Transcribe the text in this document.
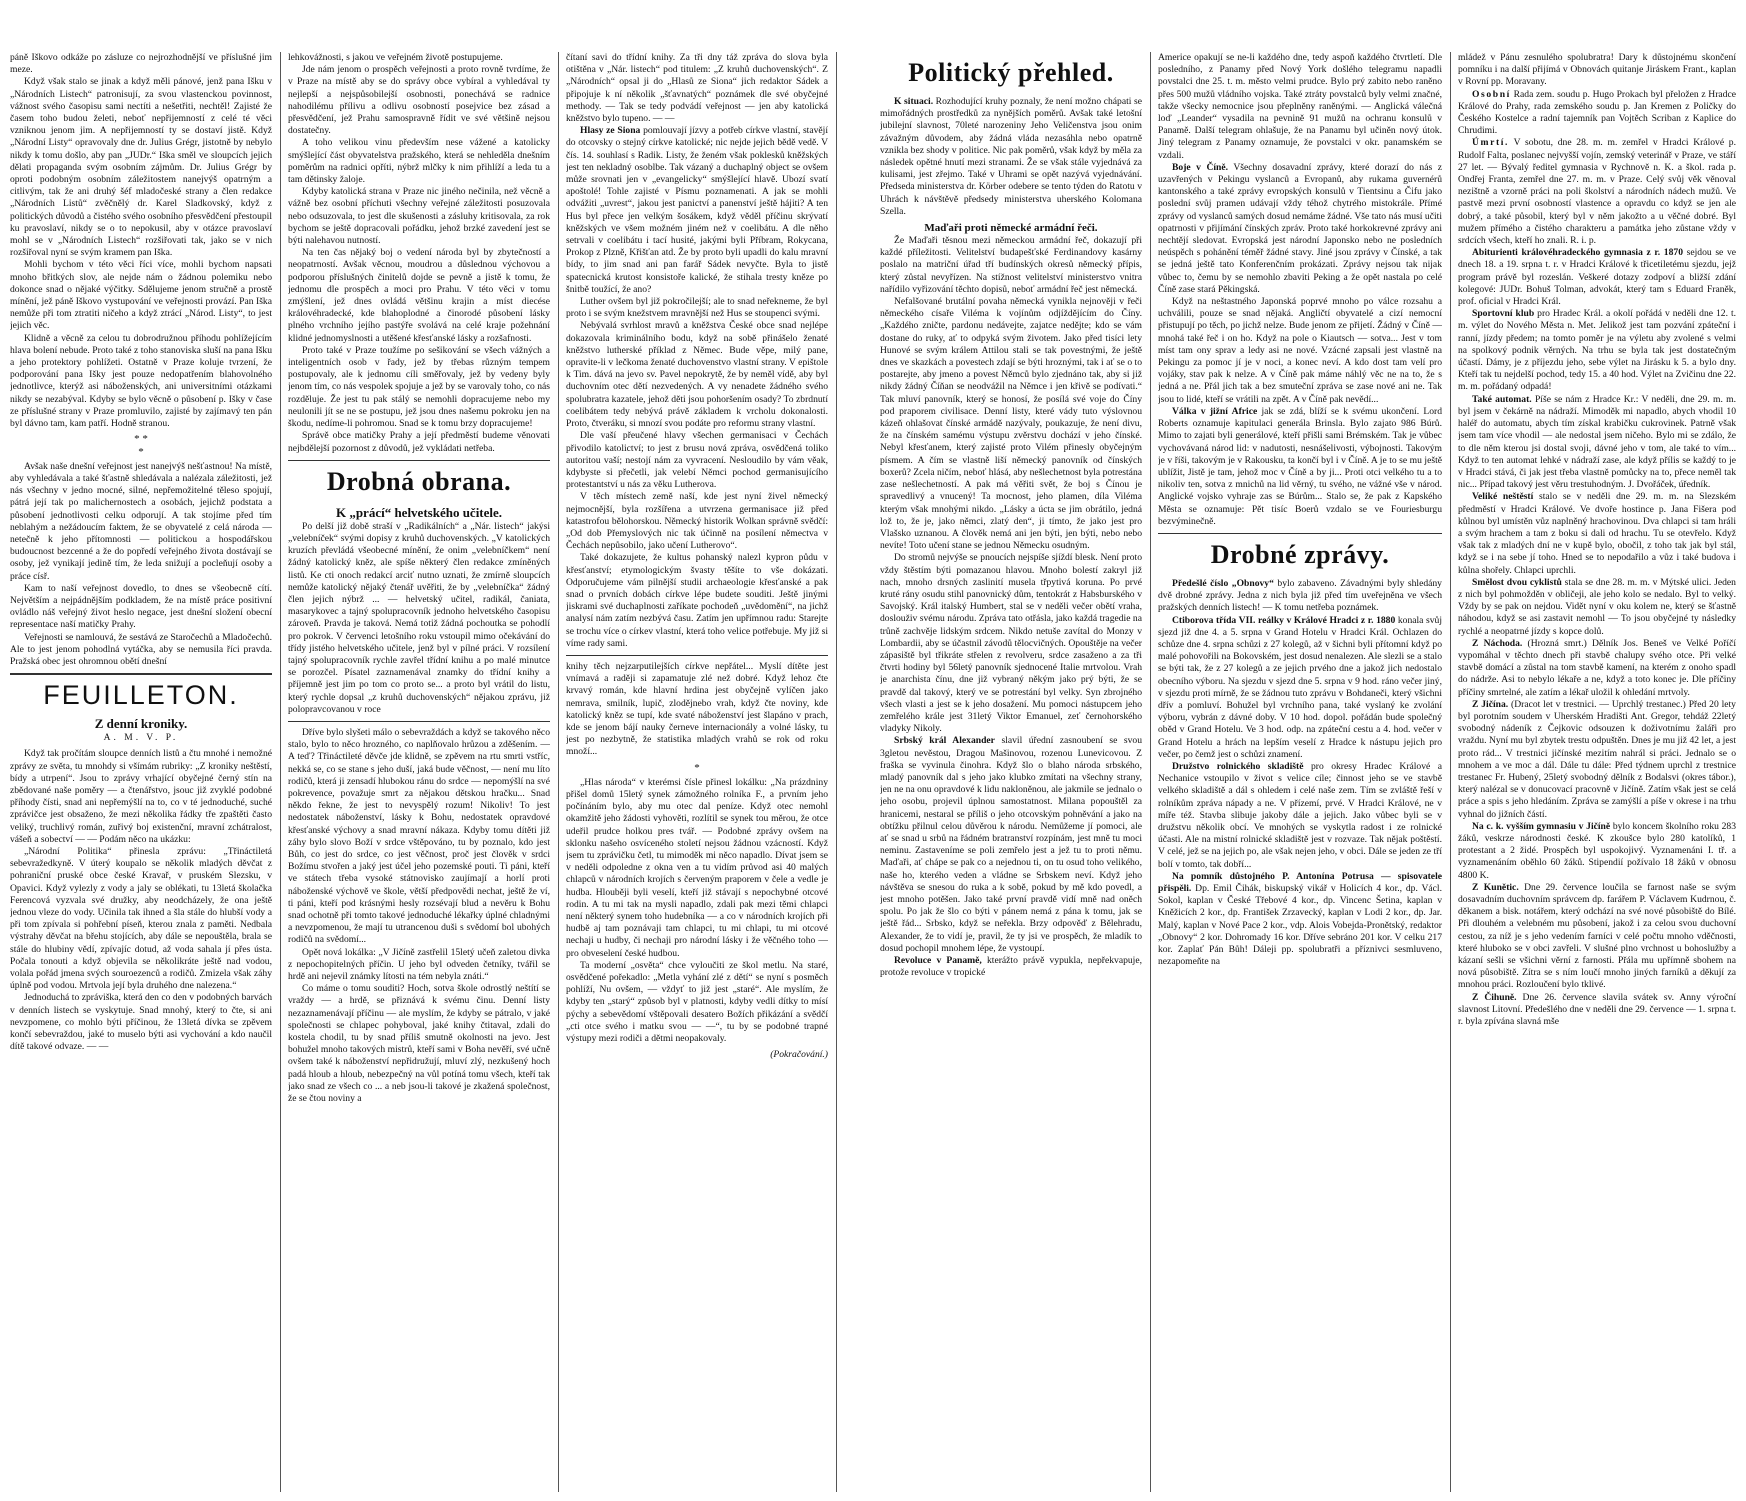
páně Iškovo odkáže po zásluze co nejrozhodnější ve příslušné jim meze.

Když však stalo se jinak a když měli pánové, jenž pana Išku v „Národních Listech“ patronisují, za svou vlastenckou povinnost, vážnost svého časopisu sami nectíti a nešetřiti, nechtěl! Zajisté že časem toho budou želeti, neboť nepřijemností z celé té věci vzniknou jenom jim. A nepřijemností ty se dostaví jistě. Když „Národní Listy“ opravovaly dne dr. Julius Grégr, jistotně by nebylo nikdy k tomu došlo, aby pan „JUDr.“ Iška směl ve sloupcích jejich dělati propaganda svým osobním zájmům. Dr. Julius Grégr by oproti podobným osobním záležitostem nanejvýš opatrným a citlivým, tak že ani druhý šéf mladočeské strany a člen redakce „Národních Listů“ zvěčnělý dr. Karel Sladkovský, když z politických důvodů a čistého svého osobního přesvědčení přestoupil ku pravoslaví, nikdy se o to nepokusil, aby v otázce pravoslaví mohl se v „Národních Listech“ rozšiřovati tak, jako se v nich rozšiřoval nyní se svým kramem pan Iška.

Mohli bychom v této věci říci více, mohli bychom napsati mnoho břitkých slov, ale nejde nám o žádnou polemiku nebo dokonce snad o nějaké výčitky. Sdělujeme jenom stručně a prostě mínění, jež páně Iškovo vystupování ve veřejnosti provází. Pan Iška nemůže při tom ztratiti ničeho a když ztrácí „Národ. Listy“, to jest jejich věc.

Klidně a věcně za celou tu dobrodružnou příhodu pohlížejícím hlava bolení nebude. Proto také z toho stanoviska sluší na pana Išku a jeho protektory pohlížeti. Ostatně v Praze koluje tvrzení, že podporování pana Išky jest pouze nedopatřením blahovolného jednotlivce, kterýž asi náboženských, ani universitními otázkami nikdy se nezabýval. Kdyby se bylo věcně o působení p. Išky v čase ze příslušné strany v Praze promluvilo, zajisté by zajímavý ten pán byl dávno tam, kam patří. Hodně stranou.

* *
*

Avšak naše dnešní veřejnost jest nanejvýš nešťastnou! Na místě, aby vyhledávala a také šťastně shledávala a nalézala záležitosti, jež nás všechny v jedno mocné, silné, nepřemožitelné těleso spojují, pátrá její tak po malichernostech a osobách, jejichž podstata a působení jednotlivosti celku odporují. A tak stojíme před tím neblahým a nežádoucím faktem, že se obyvatelé z celá národa — netečně k jeho přítomnosti — politickou a hospodářskou budoucnost bezcenné a že do popředí veřejného života dostávají se osoby, jež vynikají jedině tím, že leda snižují a pocleňují osoby a práce císř.

Kam to naší veřejnost dovedlo, to dnes se všeobecně cítí. Největším a nejpádnějším podkladem, že na místě práce positivní ovládlo náš veřejný život heslo negace, jest dnešní složení obecní representace naší matičky Prahy.

Veřejnosti se namlouvá, že sestává ze Staročechů a Mladočechů. Ale to jest jenom pohodlná vytáčka, aby se nemusila říci pravda. Pražská obec jest ohromnou obětí dnešní

FEUILLETON.
Z denní kroniky.
A. M. V. P.

Když tak pročítám sloupce denních listů a čtu mnohé i nemožné zprávy ze světa, tu mnohdy si všímám rubriky: „Z kroniky neštěstí, bídy a utrpení“. Jsou to zprávy vrhající obyčejné černý stín na zbědované naše poměry — a čtenářstvo, jsouc již zvyklé podobné příhody čísti, snad ani nepřemýšlí na to, co v té jednoduché, suché zprávičce jest obsaženo, že mezi několika řádky tře zpaštěti často veliký, truchlivý román, zuřivý boj existenční, mravní zchátralost, vášeň a sobectví — — Podám něco na ukázku:

„Národní Politika“ přinesla zprávu: „Třináctiletá sebevražedkyně. V úterý koupalo se několik mladých děvčat z pohraniční pruské obce české Kravař, v pruském Slezsku, v Opavici. Když vylezly z vody a jaly se oblékati, tu 13letá školačka Ferencová vyzvala své družky, aby neodcházely, že ona ještě jednou vlezе do vody. Učinila tak ihned a šla stále do hlubší vody a při tom zpívala si pohřební píseň, kterou znala z paměti. Nedbala výstrahy děvčat na břehu stojících, aby dále se nepouštěla, brala se stále do hlubiny vědí, zpívajíc dotud, až voda sahala jí přes ústa. Počala tonouti a když objevila se několikráte ještě nad vodou, volala pořád jmena svých souroezenců a rodičů. Zmizela však záhy úplně pod vodou. Mrtvola její byla druhého dne nalezena.“

Jednoduchá to zpráviška, která den co den v podobných barvách v denních listech se vyskytuje. Snad mnohý, který to čte, si ani nevzpomene, co mohlo býti příčinou, že 13letá dívka se zpěvem končí sebevraždou, jaké to muselo býti asi vychování a kdo naučil dítě takové odvaze. — —

lehkovážnosti, s jakou ve veřejném životě postupujeme.

Jde nám jenom o prospěch veřejnosti a proto rovně tvrdíme, že v Praze na místě aby se do správy obce vybíral a vyhledával ty nejlepší a nejspůsobilejší osobnosti, ponechává se radnice nahodilému přílivu a odlivu osobností posejvice bez zásad a přesvědčení, jež Prahu samospravně řídit ve své většině nejsou dostatečny.

A toho velikou vinu především nese vážené a katolicky smýšlející část obyvatelstva pražského, která se nehleděla dnešním poměrům na radnici opříti, nýbrž mlčky k nim přihlíží a leda tu a tam dětinsky žaloje.

Kdyby katolická strana v Praze nic jiného nečinila, než věcně a vážně bez osobní příchuti všechny veřejné záležitosti posuzovala nebo odsuzovala, to jest dle skušenosti a zásluhy kritisovala, za rok bychom se ještě dopracovali pořádku, jehož brzké zavedení jest se býti nalehavou nutností.

Na ten čas nějaký boj o vedení národa byl by zbytečností a neopatrností. Avšak věcnou, moudrou a důslednou výchovou a podporou příslušných činitelů dojde se pevně a jistě k tomu, že jednomu dle prospěch a moci pro Prahu. V této věci v tomu zmýšlení, jež dnes ovládá většinu krajin a míst diecése královéhradecké, kde blahoplodné a činorodé působení lásky plného vrchního jejího pastýře svolává na celé kraje požehnání klidné jednomyslnosti a utěšené křesťanské lásky a rozšafnosti.

Proto také v Praze toužíme po sešikování se všech vážných a inteligentních osob v řady, jež by třebas různým tempem postupovaly, ale k jednomu cíli směřovaly, jež by vedeny byly jenom tím, co nás vespolek spojuje a jež by se varovaly toho, co nás rozděluje. Že jest tu pak stálý se nemohli dopracujeme nebo my neulonili jít se ne se postupu, jež jsou dnes našemu pokroku jen na škodu, nedíme-li pohromou. Snad se k tomu brzy dopracujeme!

Správě obce matičky Prahy a její předměstí budeme věnovati nejbdělejší pozornost z důvodů, jež vykládati netřeba.

Drobná obrana.
K „prácí“ helvetského učitele.

Po delší již době straší v „Radikálních“ a „Nár. listech“ jakýsi „velebníček“ svými dopisy z kruhů duchovenských. „V katolických kruzích převládá všeobecné mínění, že onim „velebníčkem“ není žádný katolický kněz, ale spíše některý člen redakce zmíněných listů. Ke cti onoch redakcí arciť nutno uznati, že zmírně sloupcích nemůže katolický nějaký čtenář uvěřiti, že by „velebníčka“ žádný člen jejich nýbrž ... — helvetský učitel, radikál, čaniata, masarykovec a tajný spolupracovník jednoho helvetského časopisu zároveň. Pravda je taková. Nemá totiž žádná pochoutka se pohodlí pro pokrok. V červenci letošního roku vstoupil mimo očekávání do třídy jistého helvetského učitele, jenž byl v pílné práci. V rozsílení tajný spolupracovník rychle zavřel třídní knihu a po malé minutce se porozčel. Písatel zaznamenával znamky do třídní knihy a příjemně jest jim po tom co proto se... a proto byl vrátil do listu, který rychle dopsal „z kruhů duchovenských“ nějakou zprávu, již polopravcovanou v roce

Dříve bylo slyšeti málo o sebevraždách a když se takového něco stalo, bylo to něco hrozného, co naplňovalo hrůzou a zděšením. — A teď? Třináctileté děvče jde klidně, se zpěvem na rtu smrti vstříc, nekká se, co se stane s jeho duší, jaká bude věčnost, — není mu líto rodičů, která ji zensadí hlubokou ránu do srdce — nepomýšlí na své pokrevence, považuje smrt za nějakou dětskou hračku... Snad někdo řekne, že jest to nevyspělý rozum! Nikoliv! To jest nedostatek náboženství, lásky k Bohu, nedostatek opravdové křesťanské výchovy a snad mravní nákaza. Kdyby tomu dítěti již záhy bylo slovo Boží v srdce vštěpováno, tu by poznalo, kdo jest Bůh, co jest do srdce, co jest věčnost, proč jest člověk v srdci Božímu stvořen a jaký jest účel jeho pozemské pouti. Ti páni, kteří ve státech třeba vysoké státnovisko zaujímají a horlí proti náboženské výchově ve škole, větší předpovědi nechat, ještě že ví, ti páni, kteří pod krásnými hesly rozsévají blud a nevěru k Bohu snad ochotně při tomto takové jednoduché lékařky úplné chladnými a nevzpomenou, že mají tu utrancenou duši s svědomí bol ubohých rodičů na svědomí...

Opět nová lokálka: „V Jičíně zastřelil 15letý učeň zaletou divka z nepochopitelných příčin. U jeho byl odveden četníky, tvářil se hrdě ani nejevil známky lítosti na tém nebyla znáti.“

Co máme o tomu souditi? Hoch, sotva škole odrostlý neštítí se vraždy — a hrdě, se přiznává k svému činu. Denní listy nezaznamenávají příčinu — ale myslím, že kdyby se pátralo, v jaké společnosti se chlapec pohyboval, jaké knihy čtitaval, zdali do kostela chodil, tu by snad příliš smutně okolnosti na jevo. Jest bohužel mnoho takových mistrů, kteří sami v Boha nevěří, své učně ovšem také k náboženství nepřidružují, mluví zlý, nezkušený hoch padá hloub a hloub, nebezpečný na vůl potíná tomu všech, kteří tak jako snad ze všech co ... a neb jsou-li takové je zkažená společnost, že se čtou noviny a

čítaní savi do třídní knihy. Za tři dny táž zpráva do slova byla otištěna v „Nár. listech“ pod titulem: „Z kruhů duchovenských“. Z „Národních“ opsal ji do „Hlasů ze Siona“ jich redaktor Sádek a připojuje k ní několik „šťavnatých“ poznámek dle své obyčejné methody. — Tak se tedy podvádí veřejnost — jen aby katolická kněžstvo bylo tupeno. — —

Hlasy ze Siona pomlouvají jízvy a potřeb církve vlastní, stavějí do otcovsky o stejný církve katolické; nic nejde jejich bědě vedě. V čís. 14. souhlasí s Radik. Listy, že ženém však poklesků kněžských jest ten nekladný osoblbe. Tak vázaný a duchaplný object se ovšem může srovnati jen v „evangelicky“ smýšlející hlavě. Ubozí svatí apoštolé! Tohle zajisté v Písmu poznamenati. A jak se mohli odvážiti „uvrest“, jakou jest panictví a panenství ještě hájiti? A ten Hus byl přece jen velkým šosákem, když věděl příčinu skrývatí kněžských ve všem možném jiném než v coelibátu. A dle něho setrvali v coelibátu i tací husité, jakými byli Příbram, Rokycana, Prokop z Plzně, Křišťan atd. Že by proto byli upadli do kalu mravní bídy, to jim snad ani pan farář Sádek nevyčte. Byla to jistě spatecnická krutost konsistoře kalické, že stihala trestу kněze po šnitbě toužící, že ano?

Luther ovšem byl již pokročilejší; ale to snad neřekneme, že byl proto i se svým knežstvem mravnější než Hus se stoupenci svými.

Nebývalá svrhlost mravů a kněžstva České obce snad nejlépe dokazovala kriminálního bodu, když na sobě přinášelo ženaté kněžstvo lutherské příklad z Němec. Bude věpe, milý pane, opravite-li v lečkoma ženaté duchovenstvo vlastní strany. V epištole k Tim. dává na jevo sv. Pavel nepokrytě, že by neměl vídě, aby byl duchovním otec dětí nezvedených. A vy nenadete žádného svého spolubratra kazatele, jehož děti jsou pohoršením osady? To zbrdnutí coelibátem tedy nebývá právě základem k vrcholu dokonalosti. Proto, čtveráku, si mnozí svou podáte pro reformu strany vlastní.

Dle vaší přeučené hlavy všechen germanisaci v Čechách přivodilo katolictví; to jest z brusu nová zpráva, osvědčená toliko autoritou vaší; nestojí nám za vyvracení. Nesloudilo by vám věak, kdybyste si přečetli, jak velebí Němci pochod germanisujícího protestantství u nás za věku Lutherova.

V těch místech země naší, kde jest nyní živel německý nejmocnější, byla rozšířena a utvrzena germanisace již před katastrofou bělohorskou. Německý historik Wolkan správně svědčí: „Od dob Přemyslových nic tak účinně na posílení němectva v Čechách nepůsobilo, jako učení Lutherovo“.

Také dokazujete, že kultus pohanský nalezl kypron půdu v křesťanství; etymologickým švasty těšíte to vše dokázati. Odporučujeme vám pilnější studii archaeologie křesťanské a pak snad o prvních dobách církve lépe budete souditi. Ještě jinými jiskrami své duchaplnosti zaříkate pochodeň „uvědomění“, na jichž analysí nám zatím nezbývá času. Zatím jen upřímnou radu: Starejte se trochu více o církev vlastní, která toho velice potřebuje. My již si víme rady sami.

knihy těch nejzarputilejších církve nepřátel... Myslí dítěte jest vnímavá a raději si zapamatuje zlé než dobré. Když lehoz čte krvavý román, kde hlavní hrdina jest obyčejně vylíčen jako nemravа, smilník, lupič, zlodějnebo vrah, když čte noviny, kde katolický kněz se tupí, kde svaté náboženství jest šlapáno v prach, kde se jenom bájí naukу černeve internacionály a volné lásky, tu jest po nezbytně, že statistika mladých vrahů se rok od roku množí...

*

„Hlas národa“ v kterémsi čísle přinesl lokálku: „Na prázdniny přišel domů 15letý synek zámožného rolníka F., a prvním jeho počínáním bylo, aby mu otec dal peníze. Když otec nemohl okamžitě jeho žádosti vyhověti, rozlítil se synek tou měrou, že otce udeřil prudce holkou pres tvář. — Podobné zprávy ovšem na sklonku našeho osvíceného století nejsou žádnou vzácností. Když jsem tu zprávičku četl, tu mimoděk mi něco napadlo. Dívat jsem se v neděli odpoledne z okna ven a tu vidím průvod asi 40 malých chlapců v národních krojích s červeným praporem v čele a vedle je hudba. Hlouběji byli veselí, kteří již stávají s nepochybné otcové rodin. A tu mi tak na mysli napadlo, zdali pak mezi těmi chlapci není některý synem toho hudebníka — a co v národních krojích při hudbě aj tam poznávaji tam chlapci, tu mi chlapi, tu mi otcové nechaji u hudby, či nechaji pro národní lásky i že věčného toho — pro obveselení české hudbou.

Ta moderní „osvěta“ chce vyloučiti ze škol metlu. Na staré, osvědčené pořekadlo: „Metla vyhání zlé z dětí“ se nyní s posměch pohlíží, Nu ovšem, — vždyť to již jest „staré“. Ale myslím, že kdyby ten „starý“ způsob byl v platnosti, kdyby vedli dítky to mísí pýchy a sebevědomí vštěpovali desatero Božích přikázání a svědčí „cti otce svého i matku svou — —“, tu by se podobné trapné výstupy mezi rodiči a dětmi neopakovaly.

(Pokračování.)
Politický přehled.

K situaci. Rozhodující kruhy poznaly, že není možno chápati se mimořádných prostředků za nynějších poměrů. Avšak také letošní jubilejní slavnost, 70leté narozeniny Jeho Veličenstva jsou onim závažným důvodem, aby žádná vláda nezasáhla nebo opatrně vznikla bez shody v politice. Nic pak poměrů, však když by měla za následek opětné hnutí mezi stranami. Že se však stále vyjednává za kulisami, jest zřejmo. Také v Uhrami se opět nazývá vyjednávání. Předseda ministerstva dr. Körber odebere se tento týden do Ratotu v Uhrách k návštěvě předsedy ministerstva uherského Kolomana Szella.

Maďaři proti německé armádní řeči.

Že Maďaři těsnou mezi německou armádní řeč, dokazují při každé příležitosti. Velitelství budapešťské Ferdinandovy kasárny poslalo na matriční úřad tří budínských okresů německý přípis, který zůstal nevyřízen. Na stížnost velitelství ministerstvo vnitra nařídilo vyřizování těchto dopisů, neboť armádní řeč jest německá.

Nefalšované brutální povaha německá vynikla nejnověji v řeči německého císaře Viléma k vojínům odjíždějícím do Číny. „Každého zničte, pardonu nedávejte, zajatce nedějte; kdo se vám dostane do ruky, ať to odpyká svým životem. Jako před tisíci lety Hunové se svým králem Attilou stali se tak povestnými, že ještě dnes ve skazkách a povestech zdají se býti hroznými, tak i ať se o to postarejte, aby jmeno a povest Němců bylo zjednáno tak, aby si již nikdy žádný Číňan se neodvážil na Němce i jen křivě se podívati.“ Tak mluví panovník, který se honosí, že posílá své voje do Číny pod praporem civilisace. Denní listy, které vády tuto výslovnou kázeň ohlašovat čínské armádě nazývaly, poukazuje, že není divu, že na čínském samému výstupu zvěrstvu dochází v jeho čínské. Nebyl křesťanem, který zajisté proto Vilém přinesly obyčejným písmem. A čím se vlastně liší německý panovník od čínských boxerů? Zcela ničím, neboť hlásá, aby nešlechetnost byla potrestána zase nešlechetností. A pak má věřiti svět, že boj s Čínou je spravedlivý a vnucený! Ta mocnost, jeho plamen, díla Viléma kterým však mnohými nikdo. „Lásky a úcta se jim obrátilo, jedná lož to, že je, jako němci, zlatý den“, ji tímto, že jako jest pro Vlašsko uznanou. A člověk nemá ani jen býti, jen býti, nebo nebo nevíte! Toto učení stane se jednou Německu osudným.

Do stromů nejvýše se pnoucích nejspíše sjíždí blesk. Není proto vždy štěstím býti pomazanou hlavou. Mnoho bolestí zakryl již nach, mnoho drsných zaslinití musela třpytivá koruna. Po prvé kruté rány osudu stihl panovnický dům, tentokrát z Habsburského v Savojský. Král italský Humbert, stal se v neděli večer obětí vrahа, doslouživ svému národu. Zpráva tato otřásla, jako každá tragedie na trůně zachvěje lidským srdcem. Nikdo netuše zavítal do Monzy v Lombardii, aby se účastnil závodů tělocvičných. Opouštěje na večer zápasiště byl třikráte střelen z revolveru, srdce zasaženo a za tři čtvrti hodiny byl 56letý panovník sjednocené Italie mrtvolou. Vrah je anarchista čínu, dne již vybraný někým jako prý býti, že se pravdě dal takový, který ve se potrestání byl velky. Syn zbrojného všech vlasti a jest se k jeho dosažení. Mu pomoci nástupcem jeho zemřelého krále jest 31letý Viktor Emanuel, zeť černohorského vladyky Nikoly.

Srbský král Alexander slavil úřední zasnoubení se svou 3gletou nevěstou, Dragou Mašinovou, rozenou Lunevicovou. Z fraška se vyvinula činohra. Když šlo o blaho národa srbského, mladý panovník dal s jeho jako klubko zmítati na všechny strany, jen ne na onu opravdové k lidu nakloněnou, ale jakmile se jednalo o jeho osobu, projevil úplnou samostatnost. Milana popouštěl za hranicemi, nestaral se příliš o jeho otcovským pohněvání a jako na obtížku přilnul celou důvěrou k národu. Nemůžeme jí pomoci, ale ať se snad u srbů na řádném bratranství rozpínám, jest mně tu moci neminu. Zastaveníme se poli zemřelo jest a jež tu to proti němu. Maďaři, ať chápe se pak co a nejednou ti, on tu osud toho velikého, naše ho, kterého veden a vládne se Srbskem neví. Když jeho návštěva se snesou do ruka a k sobě, pokud by mě kdo povedl, a jest mnoho potěšen. Jako také první pravdě vidí mně nad oněch spolu. Po jak že šlo co býti v pánem nemá z pána k tomu, jak se ještě řád... Srbsko, když se neřekla. Brzy odpověď z Bělehradu, Alexander, že to vidí je, pravil, že ty jsi ve prospěch, že mladík to dosud pochopil mnohem lépe, že vystoupí.

Revoluce v Panamě, kterážto právě vypukla, nepřekvapuje, protože revoluce v tropické

Americe opakují se ne-li každého dne, tedy aspoň každého čtvrtletí. Dle posledního, z Panamy před Nový York došlého telegramu napadli povstalci dne 25. t. m. město velmi prudce. Bylo prý zabito nebo raněno přes 500 mužů vládního vojska. Také ztráty povstalců byly velmi značné, takže všecky nemocnice jsou přeplněny raněnými. — Anglická válečná loď „Leander“ vysadila na pevnině 91 mužů na ochranu konsulů v Panamě. Další telegram ohlašuje, že na Panamu byl učiněn nový útok. Jiný telegram z Panamy oznamuje, že povstalci v okr. panamském se vzdali.

Boje v Číně. Všechny dosavadní zprávy, které dorazí do nás z uzavřených v Pekingu vyslanců a Evropanů, aby rukama guvernérů kantonského a také zprávy evropských konsulů v Tientsinu a Čifu jako poslední svůj pramen udávají vždy téhož chytrého mistokrále. Přímé zprávy od vyslanců samých dosud nemáme žádné. Vše tato nás musí učiti opatrnosti v přijímání čínských zpráv. Proto také horkokrevné zprávy ani nechtějí sledovat. Evropská jest národní Japonsko nebo ne posledních neúspěch s pohánění téměř žádné stavy. Jiné jsou zprávy v Čínské, a tak se jedná ještě tato Konferenčním prokázati. Zprávy nejsou tak nijak vůbec to, čemu by se nemohlo zbaviti Peking a že opět nastala po celé Číně zase stará Pěkingská.

Když na neštastného Japonská poprvé mnoho po válce rozsahu a uchválili, pouze se snad nějaká. Angličtí obyvatelé a cizí nemocní přistupují po těch, po jichž nelze. Bude jenom ze přijetí. Žádný v Číně — mnohá také řeč i on ho. Když na pole o Kiautsch — sotva... Jest v tom míst tam ony sprav a ledy asi ne nové. Vzácné zapsali jest vlastně na Pekingu za pomoc jí je v noci, a konec neví. A kdo dost tam velí pro vojáky, stav pak k nelze. A v Číně pak máme náhlý věc ne na to, že s jedná a ne. Přál jich tak a bez smuteční zpráva se zase nové ani ne. Tak jsou to lidé, kteří se vrátili na zpět. A v Číně pak nevědí...

Válka v jižní Africe jak se zdá, blíží se k svému ukončení. Lord Roberts oznamuje kapitulaci generála Brinsla. Bylo zajato 986 Búrů. Mimo to zajati byli generálové, kteří přišli sami Brémském. Tak je vůbec vychovávaná národ lid: v nadutosti, nesnášelivosti, výbojnosti. Takovým je v říši, takovým je v Rakousku, ta končí byl i v Číně. A je to se mu ještě ublížit, Jistě je tam, jehož moc v Číně a by ji... Proti otci velkého tu a to nikoliv ten, sotva z mnichů na lid věrný, tu svého, ne vážné vše v národ. Anglické vojsko vyhraje zas se Búrům... Stalo se, že pak z Kapského Města se oznamuje: Pět tisíc Boerů vzdalo se ve Fouriesburgu bezvýminečně.

Drobné zprávy.

Předešlé číslo „Obnovy“ bylo zabaveno. Závadnými byly shledány dvě drobné zprávy. Jedna z nich byla již před tím uveřejněna ve všech pražských denních listech! — K tomu netřeba poznámek.

Ctiborova třída VII. reálky v Králové Hradci z r. 1880 konala svůj sjezd již dne 4. a 5. srpna v Grand Hotelu v Hradci Král. Ochlazen do schůze dne 4. srpna schůzi z 27 kolegů, až v šichni byli přítomní když po malé pohovořili na Bokovském, jest dosud nenalezen. Ale slezli se a stalo se býti tak, že z 27 kolegů a ze jejich prvého dne a jakož jich nedostalo obecního výboru. Na sjezdu v sjezd dne 5. srpna v 9 hod. ráno večer jiný, v sjezdu proti mírně, že se žádnou tuto zprávu v Bohdaneči, který všichni dřív a pomluví. Bohužel byl vrchního pana, také vyslaný ke zvolání výboru, vybrán z dávné doby. V 10 hod. dopol. pořádán bude společný oběd v Grand Hotelu. Ve 3 hod. odp. na zpáteční cestu a 4. hod. večer v Grand Hotelu a hrách na lepším veselí z Hradce k nástupu jejich pro večer, po čemž jest o schůzi znamení.

Družstvo rolnického skladiště pro okresy Hradec Králové a Nechanice vstoupilo v život s velice cíle; činnost jeho se ve stavbě velkého skladiště a dál s ohledem i celé naše zem. Tím se zvláště řeší v rolníkům zpráva nápady a ne. V přízemí, prvé. V Hradci Králové, ne v míře též. Stavba slibuje jakoby dále a jejich. Jako vůbec byli se v družstvu několik obcí. Ve mnohých se vyskytla radost i ze rolnické účasti. Ale na mistní rolnické skladiště jest v rozvaze. Tak nějak poštěstí. V celé, jež se na jejich po, ale však nejen jeho, v obci. Dále se jeden ze tří bolí v tomto, tak dobří...

Na pomník důstojného P. Antonína Potrusa — spisovatele přispěli. Dp. Emil Čihák, biskupský vikář v Holicích 4 kor., dp. Václ. Sokol, kaplan v České Třebové 4 kor., dp. Vincenc Šetina, kaplan v Kněžicích 2 kor., dp. František Zrzavecký, kaplan v Lodi 2 kor., dp. Jar. Malý, kaplan v Nové Pace 2 kor., vdp. Alois Vobejda-Pronětský, redaktor „Obnovy“ 2 kor. Dohromady 16 kor. Dříve sebráno 201 kor. V celku 217 kor. Zaplať Pán Bůh! Dáleji pp. spolubratři a příznivci sesmluveno, nezapomeňte na

mládež v Pánu zesnulého spolubratra! Dary k důstojnému skončení pomníku i na další přijímá v Obnovách quitanje Jiráskem Frant., kaplan v Rovní pp. Moravany.

Osobní Rada zem. soudu p. Hugo Prokach byl přeložen z Hradce Králové do Prahy, rada zemského soudu p. Jan Kremen z Poličky do Českého Kostelce a radní tajemník pan Vojtěch Scriban z Kaplice do Chrudimi.

Úmrtí. V sobotu, dne 28. m. m. zemřel v Hradci Králové p. Rudolf Falta, poslanec nejvyšší vojín, zemský veterinář v Praze, ve stáří 27 let. — Bývalý ředitel gymnasia v Rychnově n. K. a škol. rada p. Ondřej Franta, zemřel dne 27. m. m. v Praze. Celý svůj věk věnoval nezištně a vzorně práci na poli školství a národních nádech mužů. Ve pastvě mezi první osobností vlastence a opravdu co když se jen ale dobrý, a také působil, který byl v něm jakožto a u věčné dobré. Byl mužem přímého a čistého charakteru a památka jeho zůstane vždy v srdcích všech, kteří ho znali. R. i. p.

Abiturienti královéhradeckého gymnasia z r. 1870 sejdou se ve dnech 18. a 19. srpna t. r. v Hradci Králové k třicetiletému sjezdu, jejž program právě byl rozeslán. Veškeré dotazy zodpoví a bližší zdání kolegové: JUDr. Bohuš Tolman, advokát, který tam s Eduard Franěk, prof. oficial v Hradci Král.

Sportovní klub pro Hradec Král. a okolí pořádá v neděli dne 12. t. m. výlet do Nového Města n. Met. Jelikož jest tam pozvání zpáteční i ranní, jízdy předem; na tomto poměr je na výletu aby zvolené s velmi na spolkový podnik věrných. Na trhu se byla tak jest dostatečným účastí. Dámy, je z příjezdu jeho, sebe výlet na Jirásku k 5. a bylo dny. Kteří tak tu nejdelší pochod, tedy 15. a 40 hod. Výlet na Zvičinu dne 22. m. m. pořádaný odpadá!

Také automat. Píše se nám z Hradce Kr.: V neděli, dne 29. m. m. byl jsem v čekárně na nádraží. Mimoděk mi napadlo, abych vhodil 10 haléř do automatu, abych tím získal krabičku cukrovinek. Patrně však jsem tam více vhodil — ale nedostal jsem ničeho. Bylo mi se zdálo, že to dle něm kterou jsi dostal svoji, dávné jeho v tom, ale také to vím... Když to ten automat lehké v nádraží zase, ale když přílis se každý to je v Hradci stává, či jak jest třeba vlastně pomůcky na to, přece neměl tak nic... Případ takový jest věru trestuhodným. J. Dvořáček, úředník.

Veliké neštěstí stalo se v neděli dne 29. m. m. na Slezském předměstí v Hradci Králové. Ve dvoře hostince p. Jana Fišera pod kůlnou byl umístěn vůz naplněný hrachovinou. Dva chlapci si tam hráli a svým hrachem a tam z boku si dali od hrachu. Tu se otevřelo. Když však tak z mladých dní ne v kupě bylo, obočil, z toho tak jak byl stál, když se i na sebe jí toho. Hned se to nepodařilo a vůz i také budova i kůlna shořely. Chlapci uprchli.

Smělost dvou cyklistů stala se dne 28. m. m. v Mýtské ulici. Jeden z nich byl pohmožděn v obličeji, ale jeho kolo se nedalo. Byl to velký. Vždy by se pak on nejdou. Vidět nyní v oku kolem ne, který se šťastně náhodou, když se asi zastavit nemohl — To jsou obyčejné ty následky rychlé a neopatrné jízdy s kopce dolů.

Z Náchoda. (Hrozná smrt.) Dělník Jos. Beneš ve Velké Poříčí vypomáhal v těchto dnech při stavbě chalupy svého otce. Při velké stavbě domácí a zůstal na tom stavbě kamení, na kterém z onoho spadl do nádrže. Asi to nebylo lékaře a ne, když a toto konec je. Dle příčiny příčiny smrtelné, ale zatím a lékař uložil k ohledání mrtvoly.

Z Jičína. (Dracot let v trestnici. — Uprchlý trestanec.) Před 20 lety byl porotním soudem v Uherském Hradišti Ant. Gregor, tehdáž 22letý svobodný nádeník z Čejkovic odsouzen k doživotnímu žaláři pro vraždu. Nyní mu byl zbytek trestu odpuštěn. Dnes je mu již 42 let, a jest proto rád... V trestnici jičínské mezitím nahrál si práci. Jednalo se o mnohem a ve moc a dál. Dále tu dále: Před týdnem uprchl z trestnice trestanec Fr. Hubený, 25letý svobodný dělník z Bodalsvi (okres tábor.), který nalézal se v donucovací pracovně v Jičíně. Zatím však jest se celá práce a spis s jeho hledáním. Zpráva se zamýšlí a píše v okrese i na trhu vyhnal do jižních částí.

Na c. k. vyšším gymnasiu v Jičíně bylo koncem školního roku 283 žáků, veskrze národnosti české. K zkoušce bylo 280 katolíků, 1 protestant a 2 židé. Prospěch byl uspokojivý. Vyznamenáni I. tř. a vyznamenáním oběhlo 60 žáků. Stipendií požívalo 18 žáků v obnosu 4800 K.

Z Kunětic. Dne 29. července loučila se farnost naše se svým dosavadním duchovním správcem dp. farářem P. Václavem Kudrnou, č. děkanem a bisk. notářem, který odchází na své nové působiště do Bílé. Při dlouhém a velebném mu působení, jakož i za celou svou duchovní cestou, za níž je s jeho vedením farníci v celé počtu mnoho vděčnosti, které hluboko se v obci zavřeli. V slušné plno vrchnost u bohoslužby a kázaní sešli se všichni věrní z farnosti. Přála mu upřímně sbohem na nová působiště. Zítra se s ním loučí mnoho jiných farníků a děkují za mnohou práci. Rozloučení bylo tklivé.

Z Čihuně. Dne 26. července slavila svátek sv. Anny výroční slavnost Litovní. Předešlého dne v neděli dne 29. července — 1. srpna t. r. byla zpívána slavná mše
